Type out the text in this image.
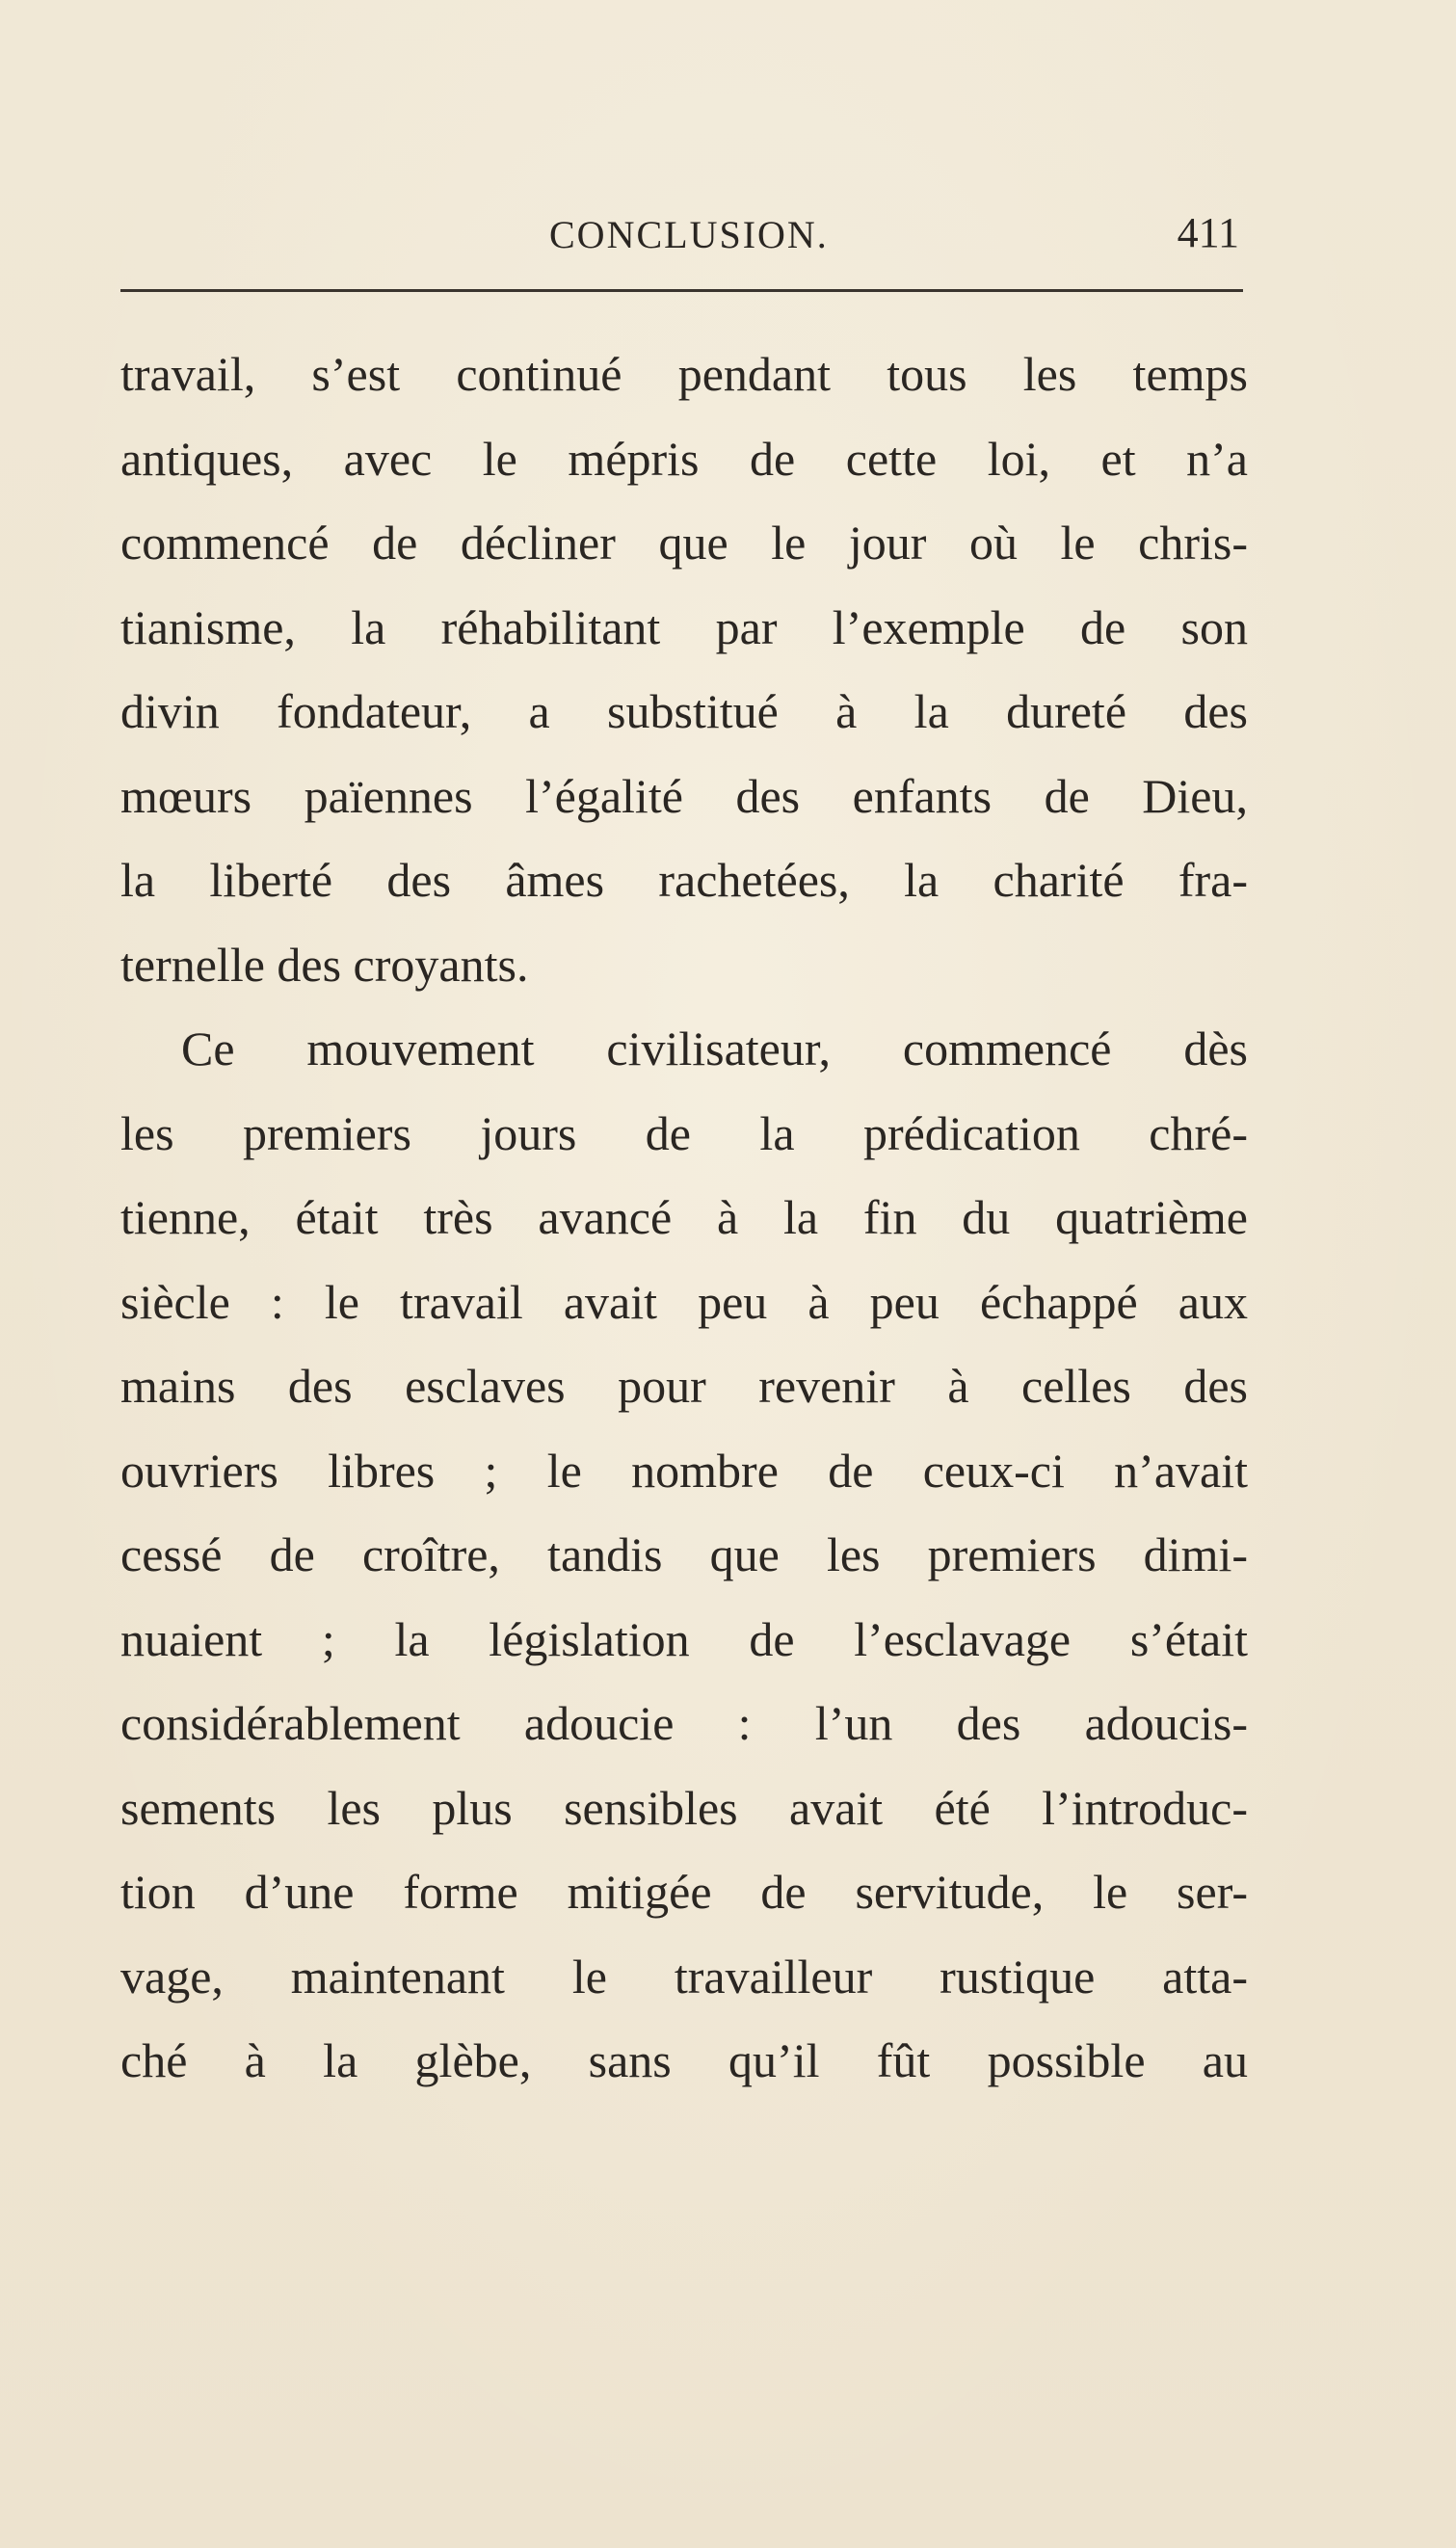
CONCLUSION.	411
travail, s’est continué pendant tous les temps
antiques, avec le mépris de cette loi, et n’a
commencé de décliner que le jour où le chris-
tianisme, la réhabilitant par l’exemple de son
divin fondateur, a substitué à la dureté des
mœurs païennes l’égalité des enfants de Dieu,
la liberté des âmes rachetées, la charité fra-
ternelle des croyants.
Ce mouvement civilisateur, commencé dès
les premiers jours de la prédication chré-
tienne, était très avancé à la fin du quatrième
siècle : le travail avait peu à peu échappé aux
mains des esclaves pour revenir à celles des
ouvriers libres ; le nombre de ceux-ci n’avait
cessé de croître, tandis que les premiers dimi-
nuaient ; la législation de l’esclavage s’était
considérablement adoucie : l’un des adoucis-
sements les plus sensibles avait été l’introduc-
tion d’une forme mitigée de servitude, le ser-
vage, maintenant le travailleur rustique atta-
ché à la glèbe, sans qu’il fût possible au
